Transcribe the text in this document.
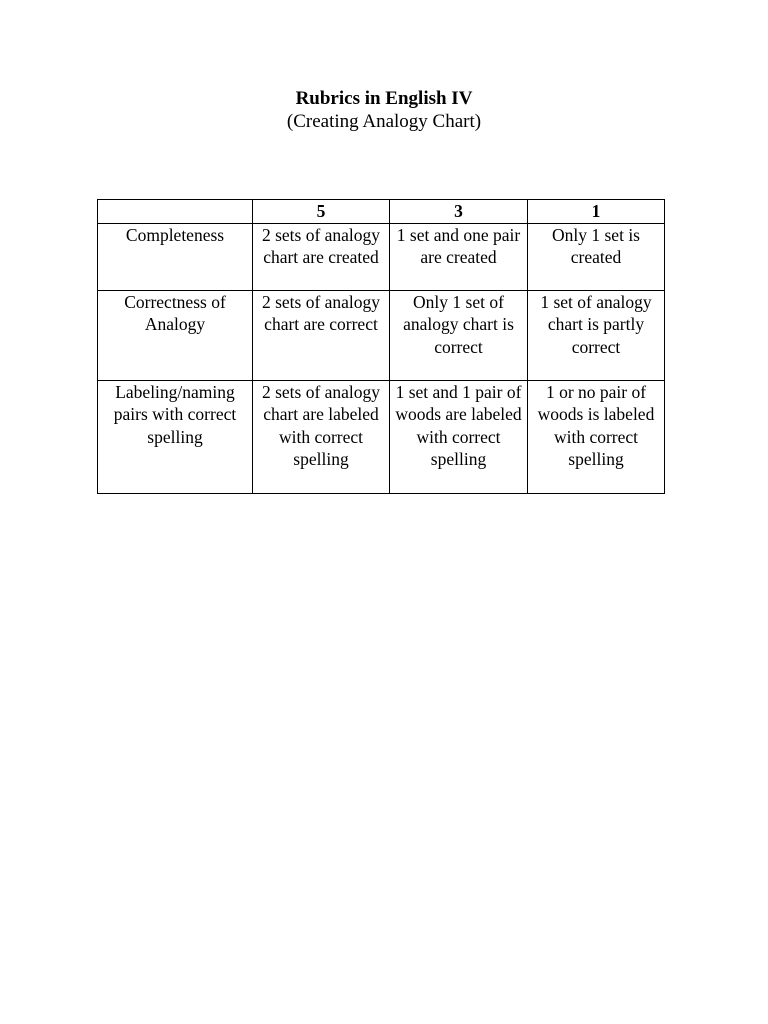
Rubrics in English IV
(Creating Analogy Chart)
	5	3	1
Completeness	2 sets of analogy chart are created	1 set and one pair are created	Only 1 set is created
Correctness of Analogy	2 sets of analogy chart are correct	Only 1 set of analogy chart is correct	1 set of analogy chart is partly correct
Labeling/naming pairs with correct spelling	2 sets of analogy chart are labeled with correct spelling	1 set and 1 pair of woods are labeled with correct spelling	1 or no pair of woods is labeled with correct spelling
